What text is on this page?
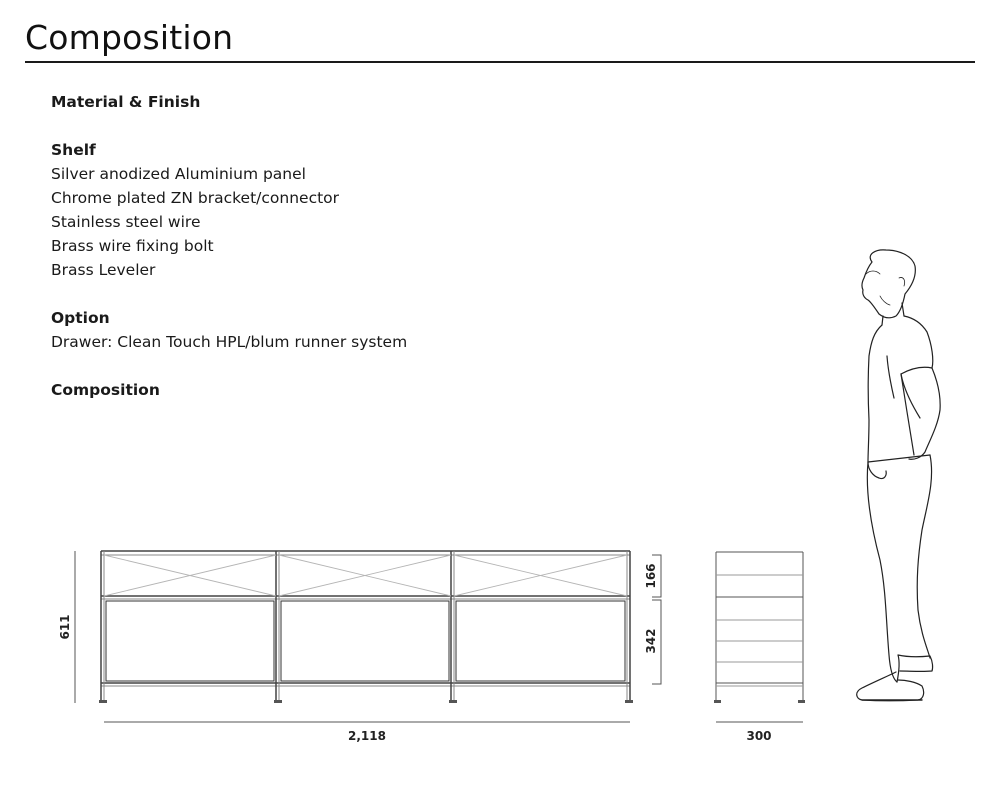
Composition
Material & Finish
Shelf
Silver anodized Aluminium panel
Chrome plated ZN bracket/connector
Stainless steel wire
Brass wire fixing bolt
Brass Leveler
Option
Drawer: Clean Touch HPL/blum runner system
Composition
611
166
342
2,118	300
